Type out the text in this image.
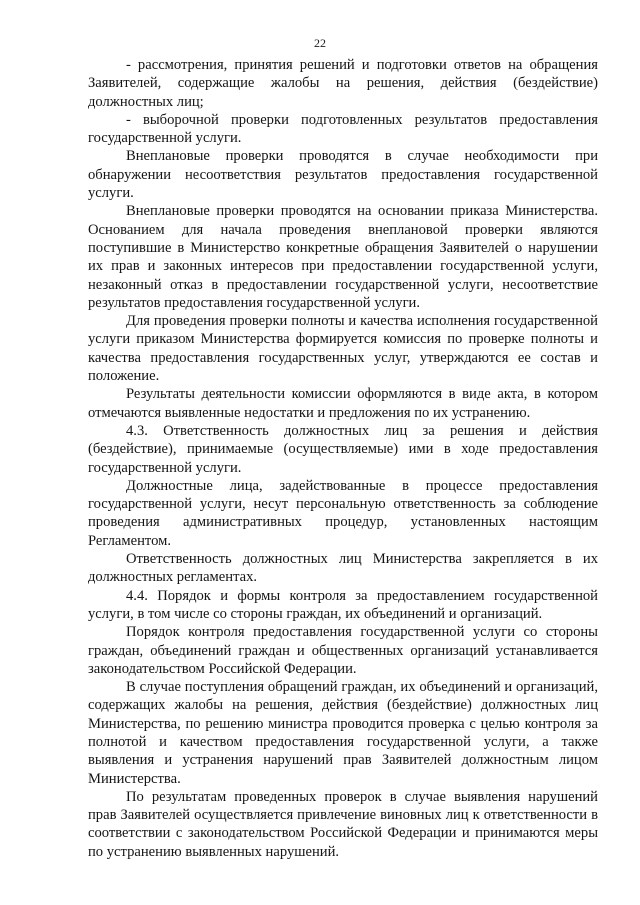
22

- рассмотрения, принятия решений и подготовки ответов на обращения Заявителей, содержащие жалобы на решения, действия (бездействие) должностных лиц;

- выборочной проверки подготовленных результатов предоставления государственной услуги.

Внеплановые проверки проводятся в случае необходимости при обнаружении несоответствия результатов предоставления государственной услуги.

Внеплановые проверки проводятся на основании приказа Министерства. Основанием для начала проведения внеплановой проверки являются поступившие в Министерство конкретные обращения Заявителей о нарушении их прав и законных интересов при предоставлении государственной услуги, незаконный отказ в предоставлении государственной услуги, несоответствие результатов предоставления государственной услуги.

Для проведения проверки полноты и качества исполнения государственной услуги приказом Министерства формируется комиссия по проверке полноты и качества предоставления государственных услуг, утверждаются ее состав и положение.

Результаты деятельности комиссии оформляются в виде акта, в котором отмечаются выявленные недостатки и предложения по их устранению.

4.3. Ответственность должностных лиц за решения и действия (бездействие), принимаемые (осуществляемые) ими в ходе предоставления государственной услуги.

Должностные лица, задействованные в процессе предоставления государственной услуги, несут персональную ответственность за соблюдение проведения административных процедур, установленных настоящим Регламентом.

Ответственность должностных лиц Министерства закрепляется в их должностных регламентах.

4.4. Порядок и формы контроля за предоставлением государственной услуги, в том числе со стороны граждан, их объединений и организаций.

Порядок контроля предоставления государственной услуги со стороны граждан, объединений граждан и общественных организаций устанавливается законодательством Российской Федерации.

В случае поступления обращений граждан, их объединений и организаций, содержащих жалобы на решения, действия (бездействие) должностных лиц Министерства, по решению министра проводится проверка с целью контроля за полнотой и качеством предоставления государственной услуги, а также выявления и устранения нарушений прав Заявителей должностным лицом Министерства.

По результатам проведенных проверок в случае выявления нарушений прав Заявителей осуществляется привлечение виновных лиц к ответственности в соответствии с законодательством Российской Федерации и принимаются меры по устранению выявленных нарушений.
